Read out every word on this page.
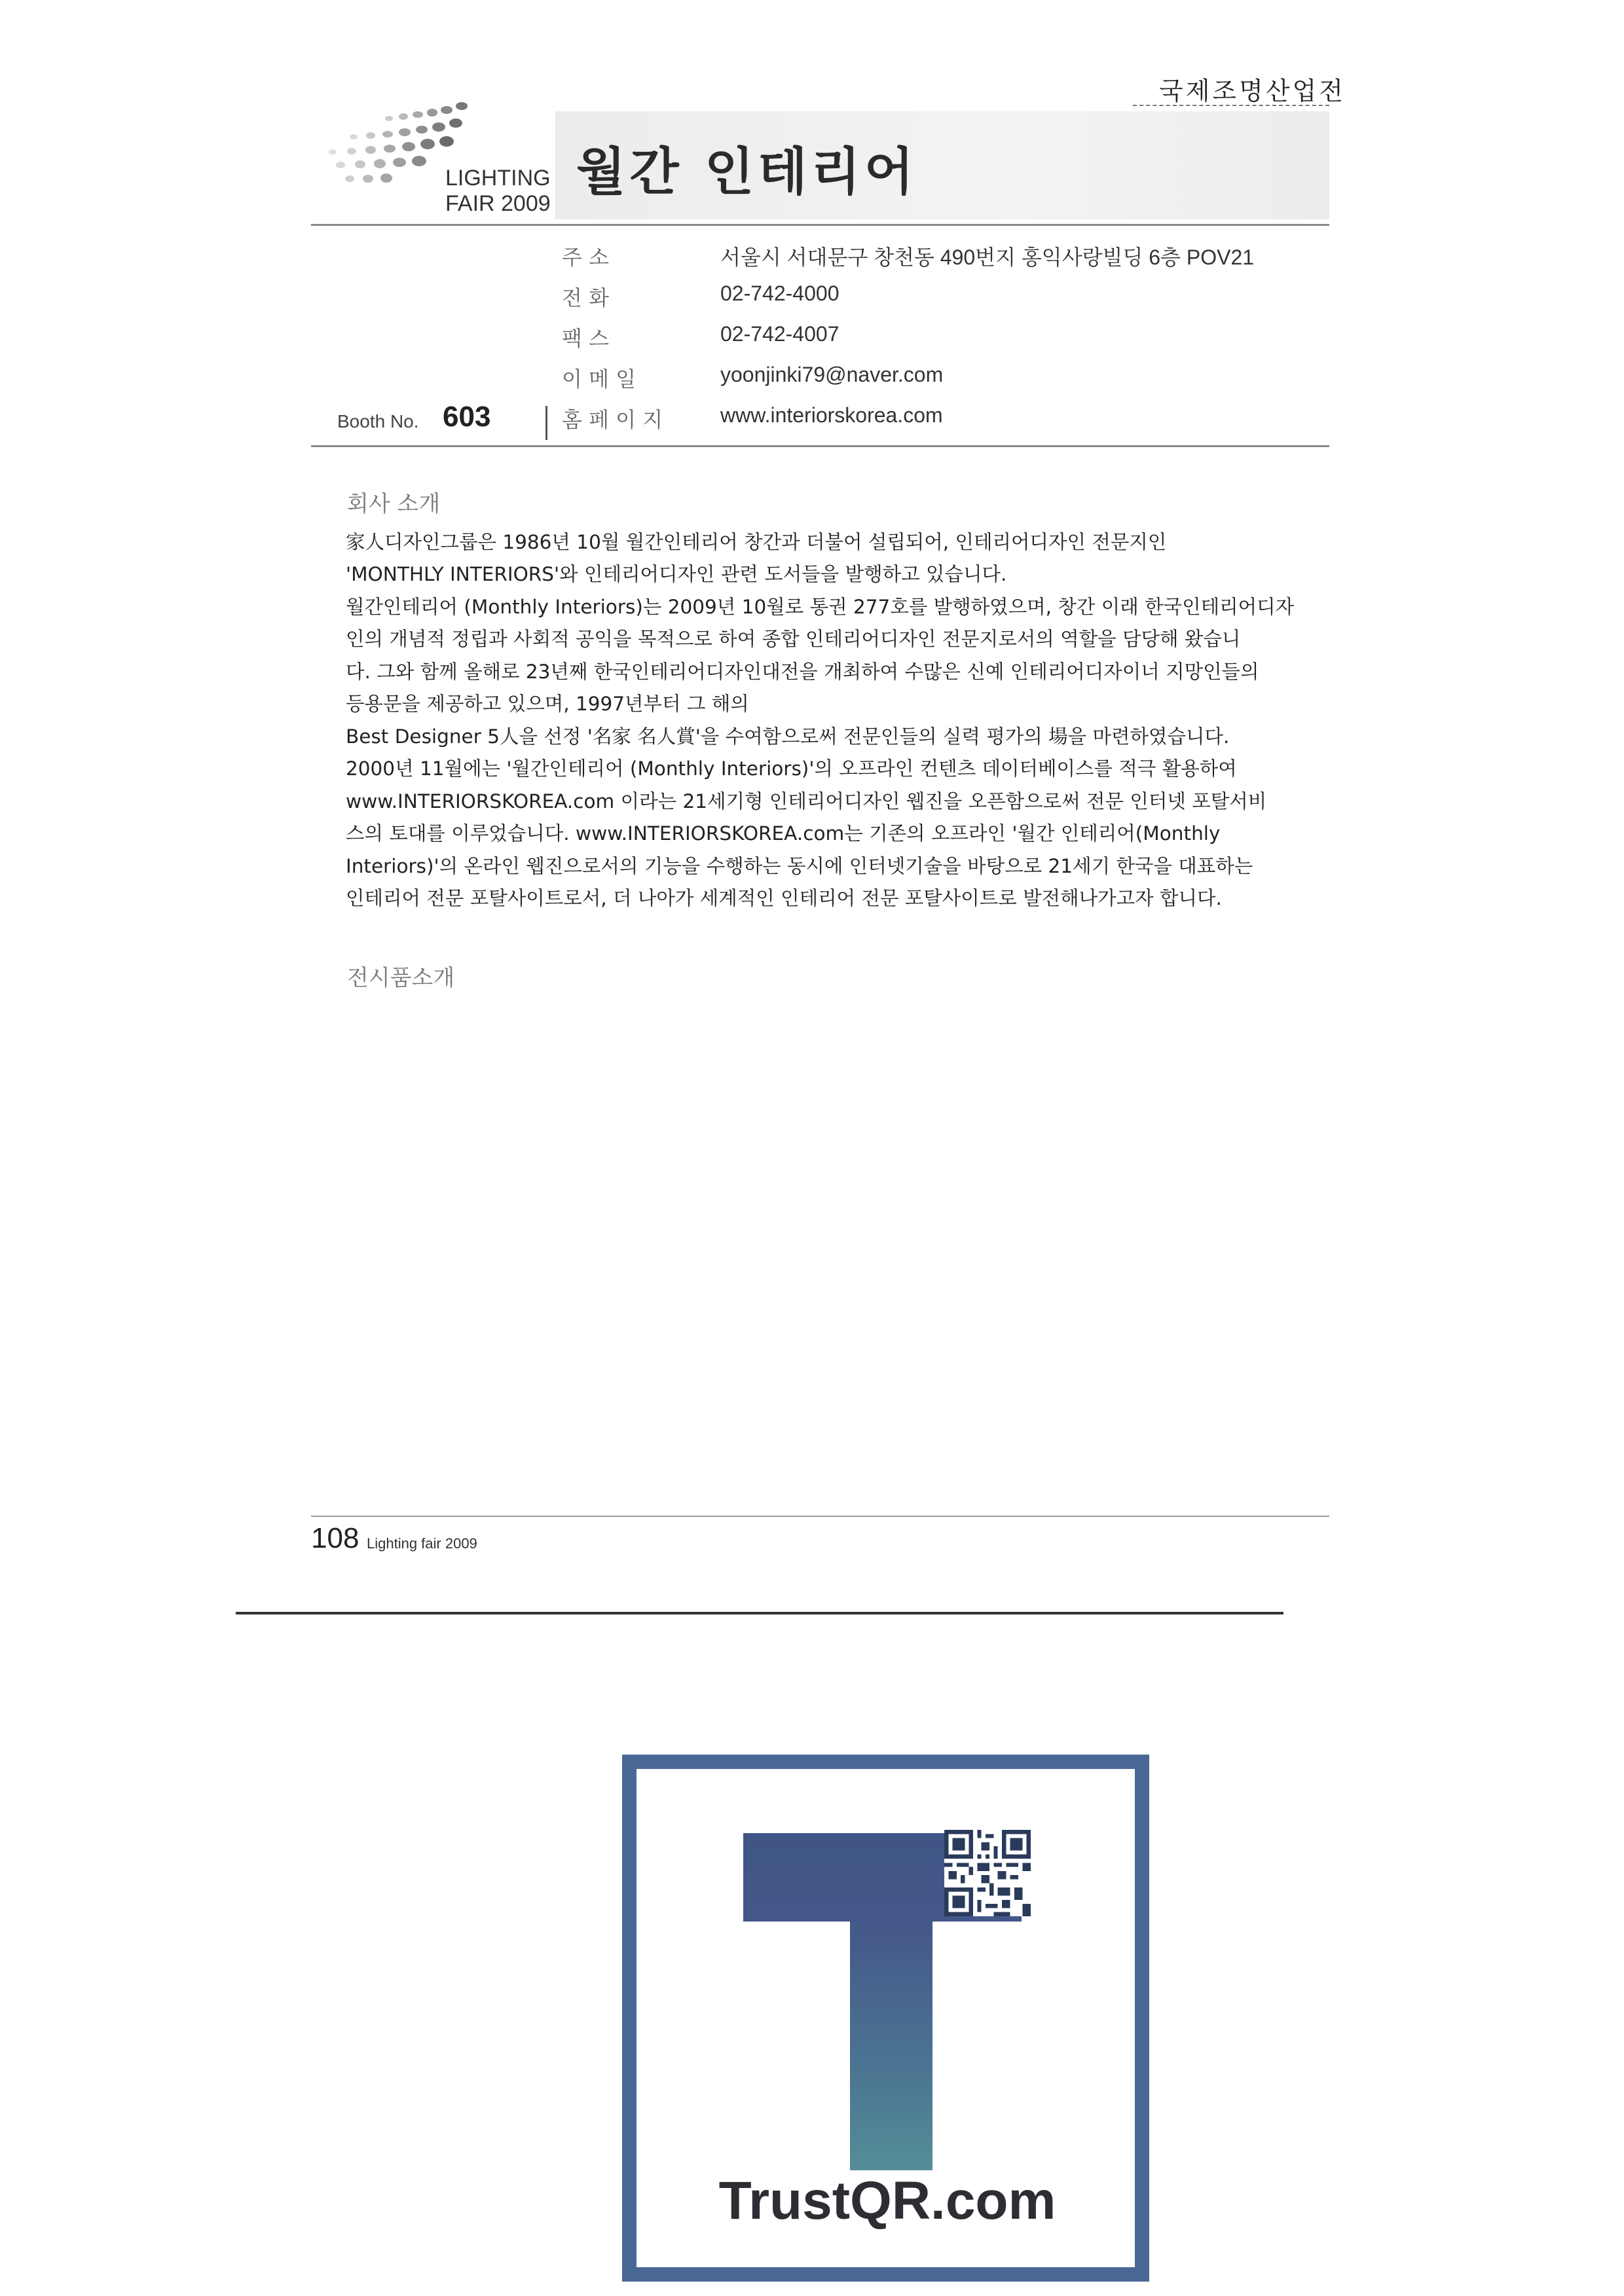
국제조명산업전
LIGHTING
FAIR 2009
월간 인테리어
주 소	서울시 서대문구 창천동 490번지 홍익사랑빌딩 6층 POV21
전 화	02-742-4000
팩 스	02-742-4007
이 메 일	yoonjinki79@naver.com
Booth No. 603	홈 페 이 지	www.interiorskorea.com
회사 소개
家人디자인그룹은 1986년 10월 월간인테리어 창간과 더불어 설립되어, 인테리어디자인 전문지인
'MONTHLY INTERIORS'와 인테리어디자인 관련 도서들을 발행하고 있습니다.
월간인테리어 (Monthly Interiors)는 2009년 10월로 통권 277호를 발행하였으며, 창간 이래 한국인테리어디자
인의 개념적 정립과 사회적 공익을 목적으로 하여 종합 인테리어디자인 전문지로서의 역할을 담당해 왔습니
다. 그와 함께 올해로 23년째 한국인테리어디자인대전을 개최하여 수많은 신예 인테리어디자이너 지망인들의
등용문을 제공하고 있으며, 1997년부터 그 해의
Best Designer 5人을 선정 '名家 名人賞'을 수여함으로써 전문인들의 실력 평가의 場을 마련하였습니다.
2000년 11월에는 '월간인테리어 (Monthly Interiors)'의 오프라인 컨텐츠 데이터베이스를 적극 활용하여
www.INTERIORSKOREA.com 이라는 21세기형 인테리어디자인 웹진을 오픈함으로써 전문 인터넷 포탈서비
스의 토대를 이루었습니다. www.INTERIORSKOREA.com는 기존의 오프라인 '월간 인테리어(Monthly
Interiors)'의 온라인 웹진으로서의 기능을 수행하는 동시에 인터넷기술을 바탕으로 21세기 한국을 대표하는
인테리어 전문 포탈사이트로서, 더 나아가 세계적인 인테리어 전문 포탈사이트로 발전해나가고자 합니다.
전시품소개
108 Lighting fair 2009
TrustQR.com
